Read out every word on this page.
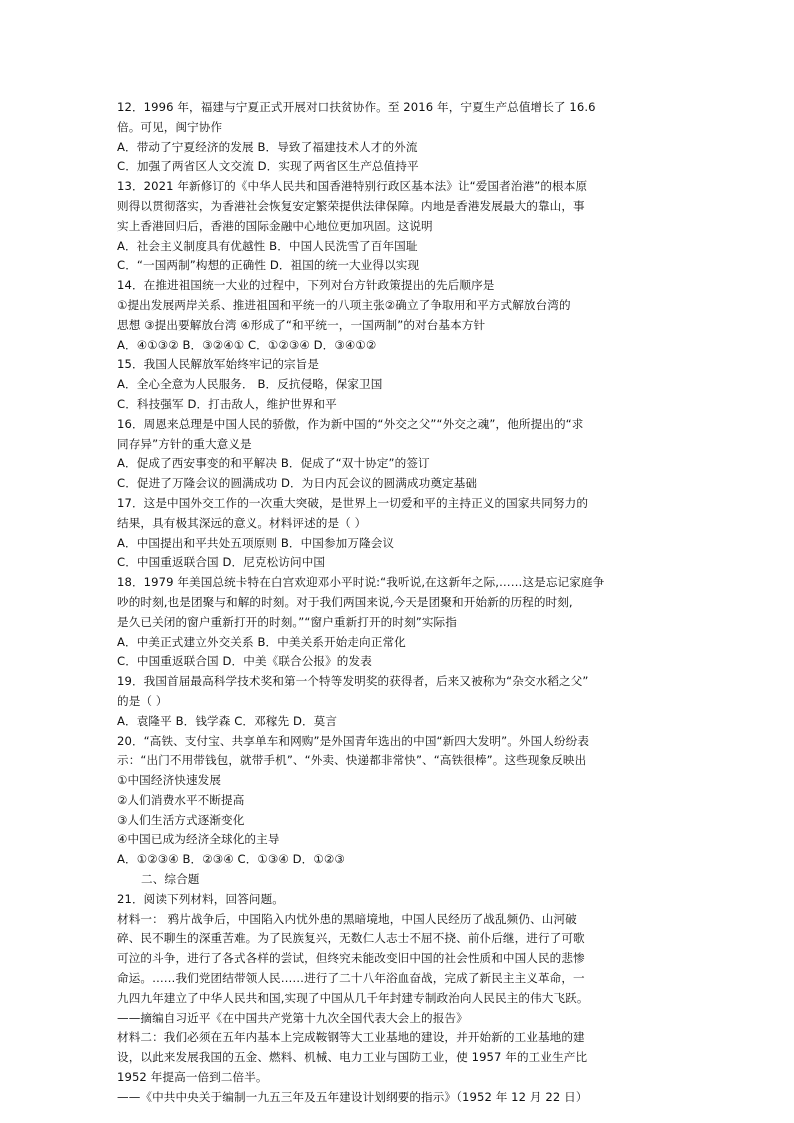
12．1996 年，福建与宁夏正式开展对口扶贫协作。至 2016 年，宁夏生产总值增长了 16.6
倍。可见，闽宁协作
A．带动了宁夏经济的发展 B．导致了福建技术人才的外流
C．加强了两省区人文交流 D．实现了两省区生产总值持平
13．2021 年新修订的《中华人民共和国香港特别行政区基本法》让“爱国者治港”的根本原
则得以贯彻落实，为香港社会恢复安定繁荣提供法律保障。内地是香港发展最大的靠山，事
实上香港回归后，香港的国际金融中心地位更加巩固。这说明
A．社会主义制度具有优越性 B．中国人民洗雪了百年国耻
C．“一国两制”构想的正确性 D．祖国的统一大业得以实现
14．在推进祖国统一大业的过程中，下列对台方针政策提出的先后顺序是
①提出发展两岸关系、推进祖国和平统一的八项主张②确立了争取用和平方式解放台湾的
思想 ③提出要解放台湾 ④形成了“和平统一，一国两制”的对台基本方针
A．④①③② B．③②④① C．①②③④ D．③④①②
15．我国人民解放军始终牢记的宗旨是
A．全心全意为人民服务． B．反抗侵略，保家卫国
C．科技强军 D．打击敌人，维护世界和平
16．周恩来总理是中国人民的骄傲，作为新中国的“外交之父”“外交之魂”，他所提出的“求
同存异”方针的重大意义是
A．促成了西安事变的和平解决 B．促成了“双十协定”的签订
C．促进了万隆会议的圆满成功 D．为日内瓦会议的圆满成功奠定基础
17．这是中国外交工作的一次重大突破，是世界上一切爱和平的主持正义的国家共同努力的
结果，具有极其深远的意义。材料评述的是（ ）
A．中国提出和平共处五项原则 B．中国参加万隆会议
C．中国重返联合国 D．尼克松访问中国
18．1979 年美国总统卡特在白宫欢迎邓小平时说:“我听说,在这新年之际,……这是忘记家庭争
吵的时刻,也是团聚与和解的时刻。对于我们两国来说,今天是团聚和开始新的历程的时刻,
是久已关闭的窗户重新打开的时刻。”“窗户重新打开的时刻”实际指
A．中美正式建立外交关系 B．中美关系开始走向正常化
C．中国重返联合国 D．中美《联合公报》的发表
19．我国首届最高科学技术奖和第一个特等发明奖的获得者，后来又被称为“杂交水稻之父”
的是（ ）
A．袁隆平 B．钱学森 C．邓稼先 D．莫言
20．“高铁、支付宝、共享单车和网购”是外国青年选出的中国“新四大发明”。外国人纷纷表
示：“出门不用带钱包，就带手机”、“外卖、快递都非常快”、“高铁很棒”。这些现象反映出
①中国经济快速发展
②人们消费水平不断提高
③人们生活方式逐渐变化
④中国已成为经济全球化的主导
A．①②③④ B．②③④ C．①③④ D．①②③
二、综合题
21．阅读下列材料，回答问题。
材料一： 鸦片战争后，中国陷入内忧外患的黑暗境地，中国人民经历了战乱频仍、山河破
碎、民不聊生的深重苦难。为了民族复兴，无数仁人志士不屈不挠、前仆后继，进行了可歌
可泣的斗争，进行了各式各样的尝试，但终究未能改变旧中国的社会性质和中国人民的悲惨
命运。……我们党团结带领人民……进行了二十八年浴血奋战，完成了新民主主义革命，一
九四九年建立了中华人民共和国,实现了中国从几千年封建专制政治向人民民主的伟大飞跃。
——摘编自习近平《在中国共产党第十九次全国代表大会上的报告》
材料二：我们必须在五年内基本上完成鞍钢等大工业基地的建设，并开始新的工业基地的建
设，以此来发展我国的五金、燃料、机械、电力工业与国防工业，使 1957 年的工业生产比
1952 年提高一倍到二倍半。
——《中共中央关于编制一九五三年及五年建设计划纲要的指示》（1952 年 12 月 22 日）
